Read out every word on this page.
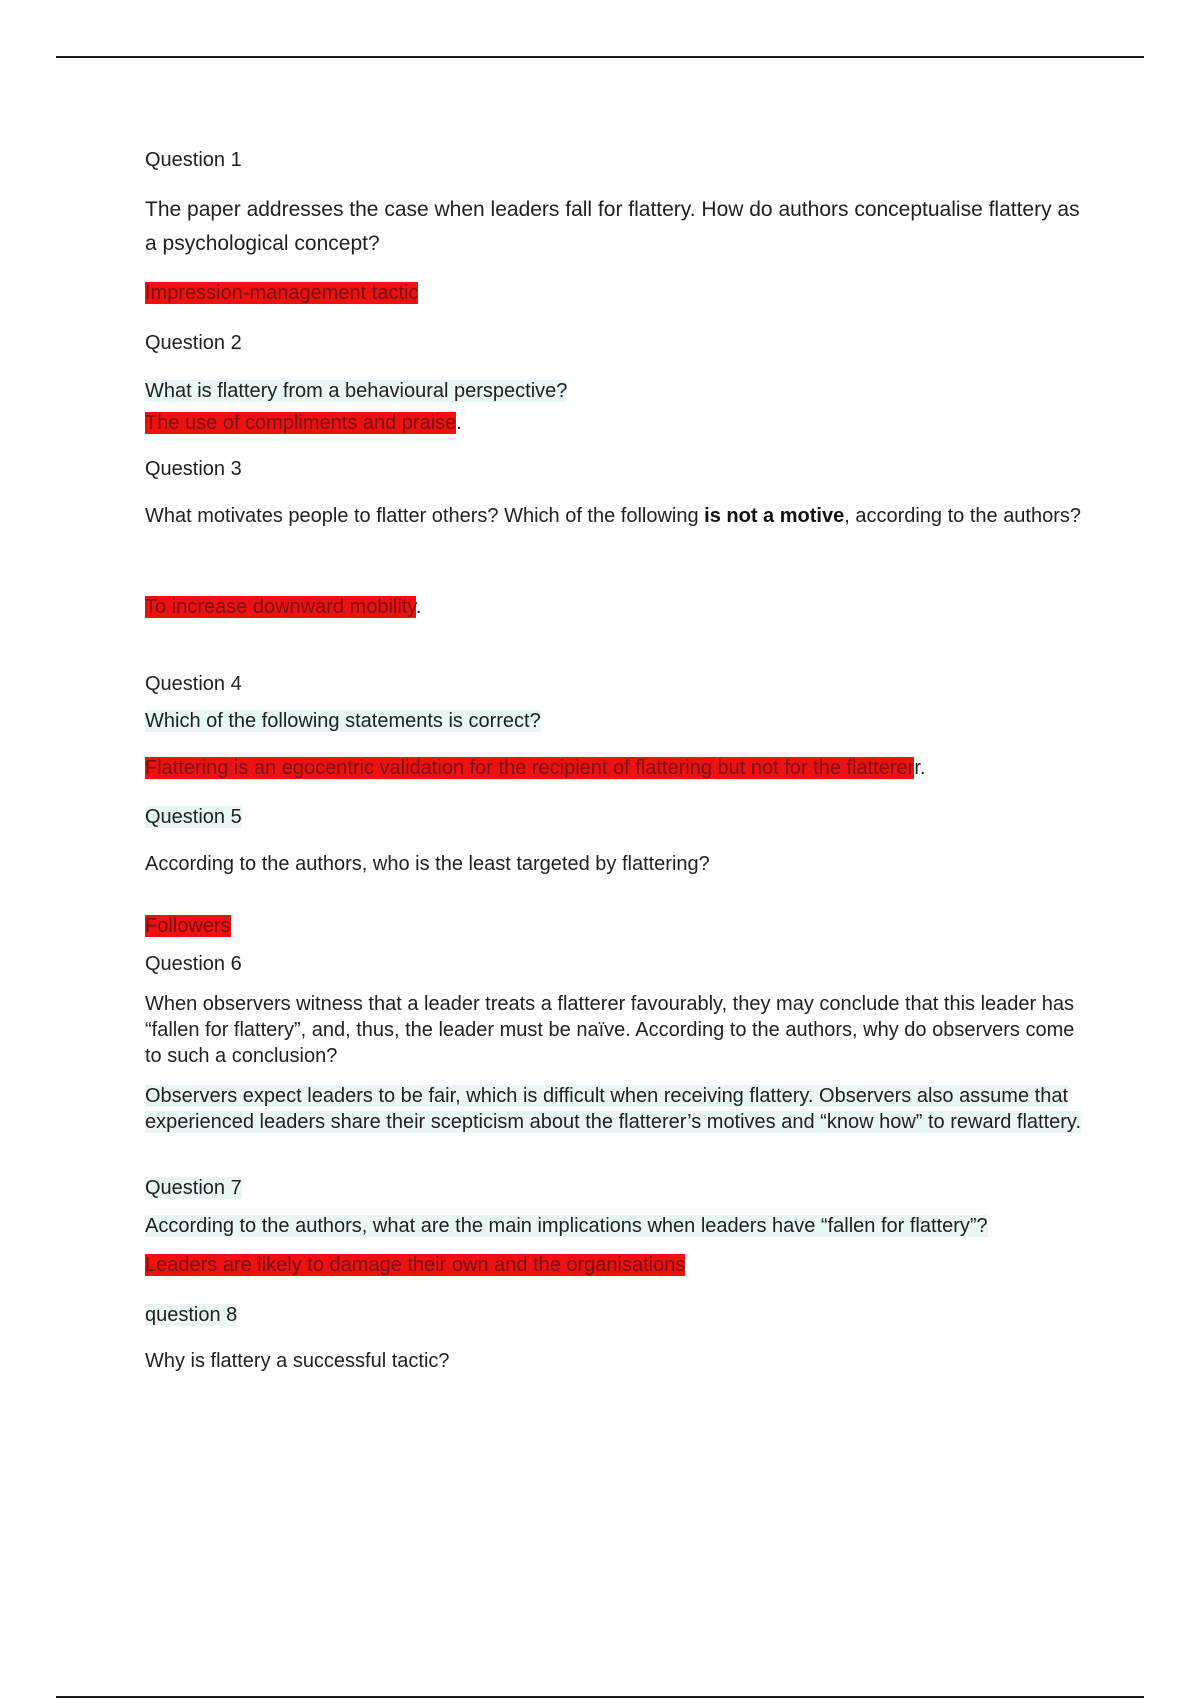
Question 1

The paper addresses the case when leaders fall for flattery. How do authors conceptualise flattery as a psychological concept?

Impression-management tactic

Question 2

What is flattery from a behavioural perspective?

The use of compliments and praise.

Question 3

What motivates people to flatter others? Which of the following is not a motive, according to the authors?

To increase downward mobility.

Question 4

Which of the following statements is correct?

Flattering is an egocentric validation for the recipient of flattering but not for the flattererr.

Question 5

According to the authors, who is the least targeted by flattering?

Followers

Question 6

When observers witness that a leader treats a flatterer favourably, they may conclude that this leader has “fallen for flattery”, and, thus, the leader must be naïve. According to the authors, why do observers come to such a conclusion?

Observers expect leaders to be fair, which is difficult when receiving flattery. Observers also assume that experienced leaders share their scepticism about the flatterer’s motives and “know how” to reward flattery.

Question 7

According to the authors, what are the main implications when leaders have “fallen for flattery”?

Leaders are likely to damage their own and the organisations

question 8

Why is flattery a successful tactic?
